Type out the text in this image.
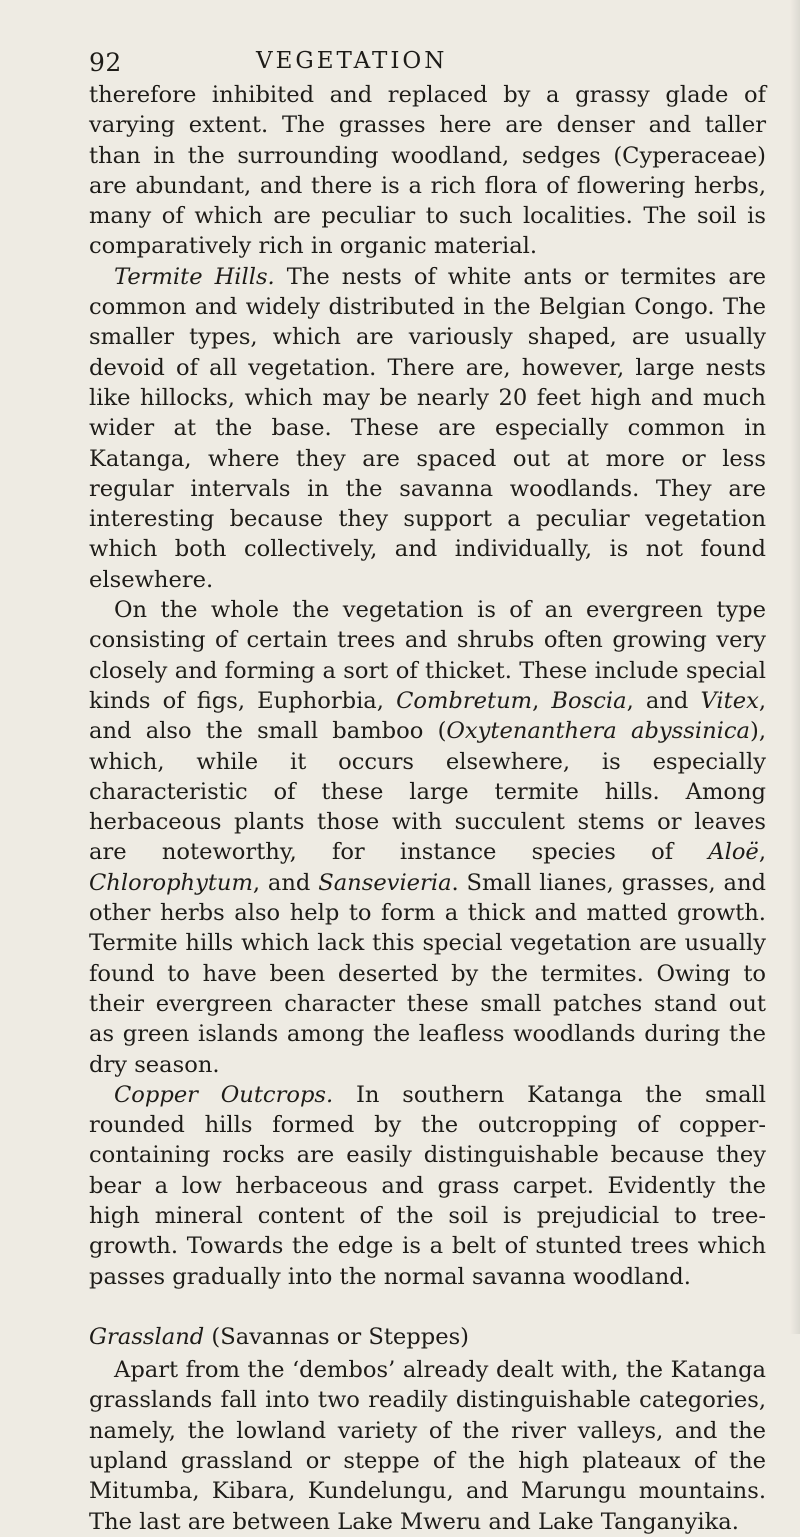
92	VEGETATION

therefore inhibited and replaced by a grassy glade of varying extent. The grasses here are denser and taller than in the surrounding woodland, sedges (Cyperaceae) are abundant, and there is a rich flora of flowering herbs, many of which are peculiar to such localities. The soil is comparatively rich in organic material.

Termite Hills. The nests of white ants or termites are common and widely distributed in the Belgian Congo. The smaller types, which are variously shaped, are usually devoid of all vegetation. There are, however, large nests like hillocks, which may be nearly 20 feet high and much wider at the base. These are especially common in Katanga, where they are spaced out at more or less regular intervals in the savanna woodlands. They are interesting because they support a peculiar vegetation which both collectively, and individually, is not found elsewhere.

On the whole the vegetation is of an evergreen type consisting of certain trees and shrubs often growing very closely and forming a sort of thicket. These include special kinds of figs, Euphorbia, Combretum, Boscia, and Vitex, and also the small bamboo (Oxytenanthera abyssinica), which, while it occurs elsewhere, is especially characteristic of these large termite hills. Among herbaceous plants those with succulent stems or leaves are noteworthy, for instance species of Aloë, Chlorophytum, and Sansevieria. Small lianes, grasses, and other herbs also help to form a thick and matted growth. Termite hills which lack this special vegetation are usually found to have been deserted by the termites. Owing to their evergreen character these small patches stand out as green islands among the leafless woodlands during the dry season.

Copper Outcrops. In southern Katanga the small rounded hills formed by the outcropping of copper-containing rocks are easily distinguishable because they bear a low herbaceous and grass carpet. Evidently the high mineral content of the soil is prejudicial to tree-growth. Towards the edge is a belt of stunted trees which passes gradually into the normal savanna woodland.

Grassland (Savannas or Steppes)

Apart from the ‘dembos’ already dealt with, the Katanga grasslands fall into two readily distinguishable categories, namely, the lowland variety of the river valleys, and the upland grassland or steppe of the high plateaux of the Mitumba, Kibara, Kundelungu, and Marungu mountains. The last are between Lake Mweru and Lake Tanganyika.
